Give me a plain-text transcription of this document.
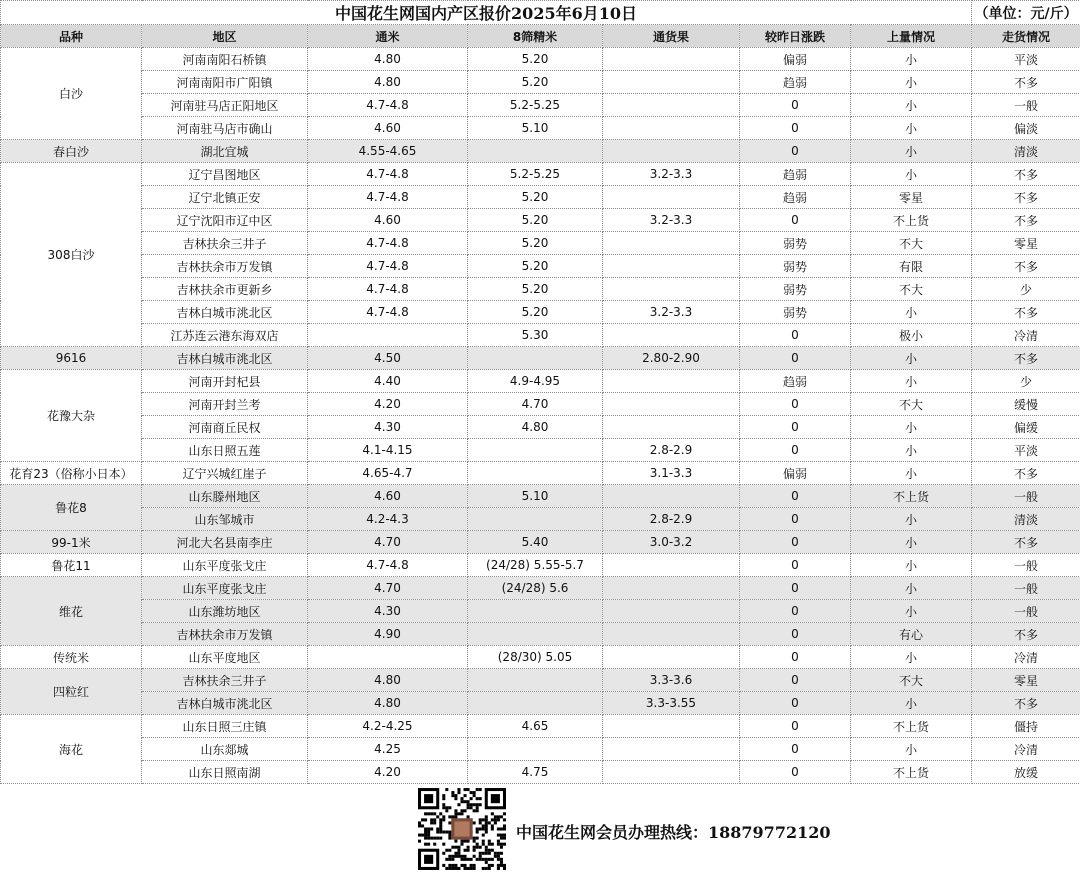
中国花生网国内产区报价2025年6月10日							（单位：元/斤）
品种	地区	通米	8筛精米	通货果	较昨日涨跌	上量情况	走货情况
白沙	河南南阳石桥镇	4.80	5.20		偏弱	小	平淡
	河南南阳市广阳镇	4.80	5.20		趋弱	小	不多
	河南驻马店正阳地区	4.7-4.8	5.2-5.25		0	小	一般
	河南驻马店市确山	4.60	5.10		0	小	偏淡
春白沙	湖北宜城	4.55-4.65			0	小	清淡
308白沙	辽宁昌图地区	4.7-4.8	5.2-5.25	3.2-3.3	趋弱	小	不多
	辽宁北镇正安	4.7-4.8	5.20		趋弱	零星	不多
	辽宁沈阳市辽中区	4.60	5.20	3.2-3.3	0	不上货	不多
	吉林扶余三井子	4.7-4.8	5.20		弱势	不大	零星
	吉林扶余市万发镇	4.7-4.8	5.20		弱势	有限	不多
	吉林扶余市更新乡	4.7-4.8	5.20		弱势	不大	少
	吉林白城市洮北区	4.7-4.8	5.20	3.2-3.3	弱势	小	不多
	江苏连云港东海双店		5.30		0	极小	冷清
9616	吉林白城市洮北区	4.50		2.80-2.90	0	小	不多
花豫大杂	河南开封杞县	4.40	4.9-4.95		趋弱	小	少
	河南开封兰考	4.20	4.70		0	不大	缓慢
	河南商丘民权	4.30	4.80		0	小	偏缓
	山东日照五莲	4.1-4.15		2.8-2.9	0	小	平淡
花育23（俗称小日本）	辽宁兴城红崖子	4.65-4.7		3.1-3.3	偏弱	小	不多
鲁花8	山东滕州地区	4.60	5.10		0	不上货	一般
	山东邹城市	4.2-4.3		2.8-2.9	0	小	清淡
99-1米	河北大名县南李庄	4.70	5.40	3.0-3.2	0	小	不多
鲁花11	山东平度张戈庄	4.7-4.8	(24/28) 5.55-5.7		0	小	一般
维花	山东平度张戈庄	4.70	(24/28) 5.6		0	小	一般
	山东潍坊地区	4.30			0	小	一般
	吉林扶余市万发镇	4.90			0	有心	不多
传统米	山东平度地区		(28/30) 5.05		0	小	冷清
四粒红	吉林扶余三井子	4.80		3.3-3.6	0	不大	零星
	吉林白城市洮北区	4.80		3.3-3.55	0	小	不多
海花	山东日照三庄镇	4.2-4.25	4.65		0	不上货	僵持
	山东郯城	4.25			0	小	冷清
	山东日照南湖	4.20	4.75		0	不上货	放缓
中国花生网会员办理热线：18879772120
